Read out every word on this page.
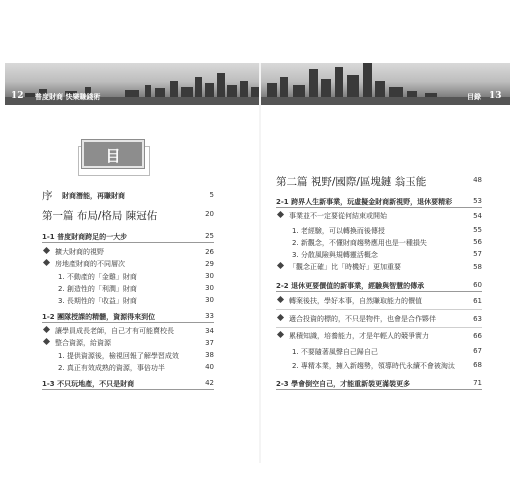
12 普度財商 快樂賺錢術	目錄 13
目 錄
序 財商潛能，再賺財商	5
第一篇 布局/格局 陳冠佑	20
1-1 普度財商跨足的一大步	25
擴大財商的視野	26
房地產財商的不同層次	29
1. 不動產的「金雞」財商	30
2. 創造性的「利潤」財商	30
3. 長期性的「收益」財商	30
1-2 團隊授課的精髓，資源得來到位	33
讓學員成長老師，自己才有可能賣校長	34
整合資源，給資源	37
1. 提供資源後，檢視回報了解學習成效	38
2. 真正有效成熟的資源，事倍功半	40
1-3 不只玩地產，不只是財商	42
第二篇 視野/國際/區塊鏈 翁玉能	48
2-1 跨界人生新事業，玩虛擬金財商新視野，退休要精彩	53
事業並不一定要從何結束或開始	54
1. 老經驗，可以轉換而後傳授	55
2. 新觀念，不懂財商趨勢應用也是一種損失	56
3. 分散風險與規轉靈活概念	57
「觀念正確」比「時機好」更加重要	58
2-2 退休更要價值的新事業，經驗與智慧的傳承	60
轉案後扶，學好本事，自然賺取能力的價值	61
適合投資的標的，不只是物件，也會是合作夥伴	63
累積知識，培養能力，才是年輕人的競爭實力	66
1. 不要隨著風聲自己歸自己	67
2. 專精本業，擁入新趨勢，領導時代永續不會被淘汰	68
2-3 學會倒空自己，才能重新裝更滿裝更多	71
